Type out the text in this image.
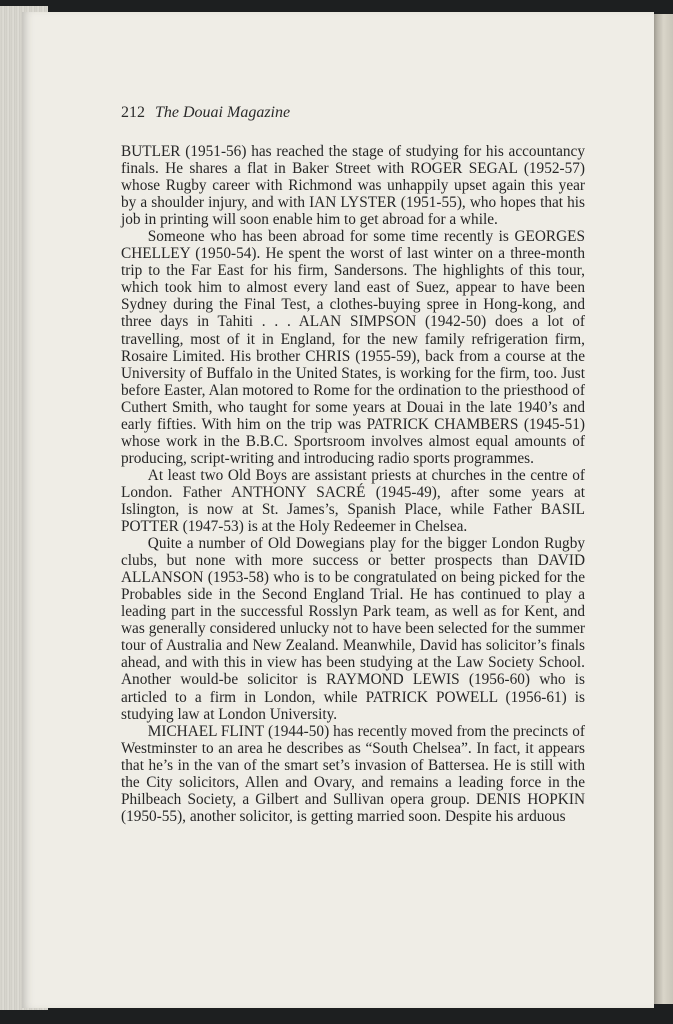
212 The Douai Magazine

BUTLER (1951-56) has reached the stage of studying for his accountancy finals. He shares a flat in Baker Street with ROGER SEGAL (1952-57) whose Rugby career with Richmond was unhappily upset again this year by a shoulder injury, and with IAN LYSTER (1951-55), who hopes that his job in printing will soon enable him to get abroad for a while.

Someone who has been abroad for some time recently is GEORGES CHELLEY (1950-54). He spent the worst of last winter on a three-month trip to the Far East for his firm, Sandersons. The highlights of this tour, which took him to almost every land east of Suez, appear to have been Sydney during the Final Test, a clothes-buying spree in Hong-kong, and three days in Tahiti . . . ALAN SIMPSON (1942-50) does a lot of travelling, most of it in England, for the new family refrigeration firm, Rosaire Limited. His brother CHRIS (1955-59), back from a course at the University of Buffalo in the United States, is working for the firm, too. Just before Easter, Alan motored to Rome for the ordination to the priesthood of Cuthert Smith, who taught for some years at Douai in the late 1940’s and early fifties. With him on the trip was PATRICK CHAMBERS (1945-51) whose work in the B.B.C. Sportsroom involves almost equal amounts of producing, script-writing and introducing radio sports programmes.

At least two Old Boys are assistant priests at churches in the centre of London. Father ANTHONY SACRÉ (1945-49), after some years at Islington, is now at St. James’s, Spanish Place, while Father BASIL POTTER (1947-53) is at the Holy Redeemer in Chelsea.

Quite a number of Old Dowegians play for the bigger London Rugby clubs, but none with more success or better prospects than DAVID ALLANSON (1953-58) who is to be congratulated on being picked for the Probables side in the Second England Trial. He has continued to play a leading part in the successful Rosslyn Park team, as well as for Kent, and was generally considered unlucky not to have been selected for the summer tour of Australia and New Zealand. Meanwhile, David has solicitor’s finals ahead, and with this in view has been studying at the Law Society School. Another would-be solicitor is RAYMOND LEWIS (1956-60) who is articled to a firm in London, while PATRICK POWELL (1956-61) is studying law at London University.

MICHAEL FLINT (1944-50) has recently moved from the precincts of Westminster to an area he describes as “South Chelsea”. In fact, it appears that he’s in the van of the smart set’s invasion of Battersea. He is still with the City solicitors, Allen and Ovary, and remains a leading force in the Philbeach Society, a Gilbert and Sullivan opera group. DENIS HOPKIN (1950-55), another solicitor, is getting married soon. Despite his arduous
